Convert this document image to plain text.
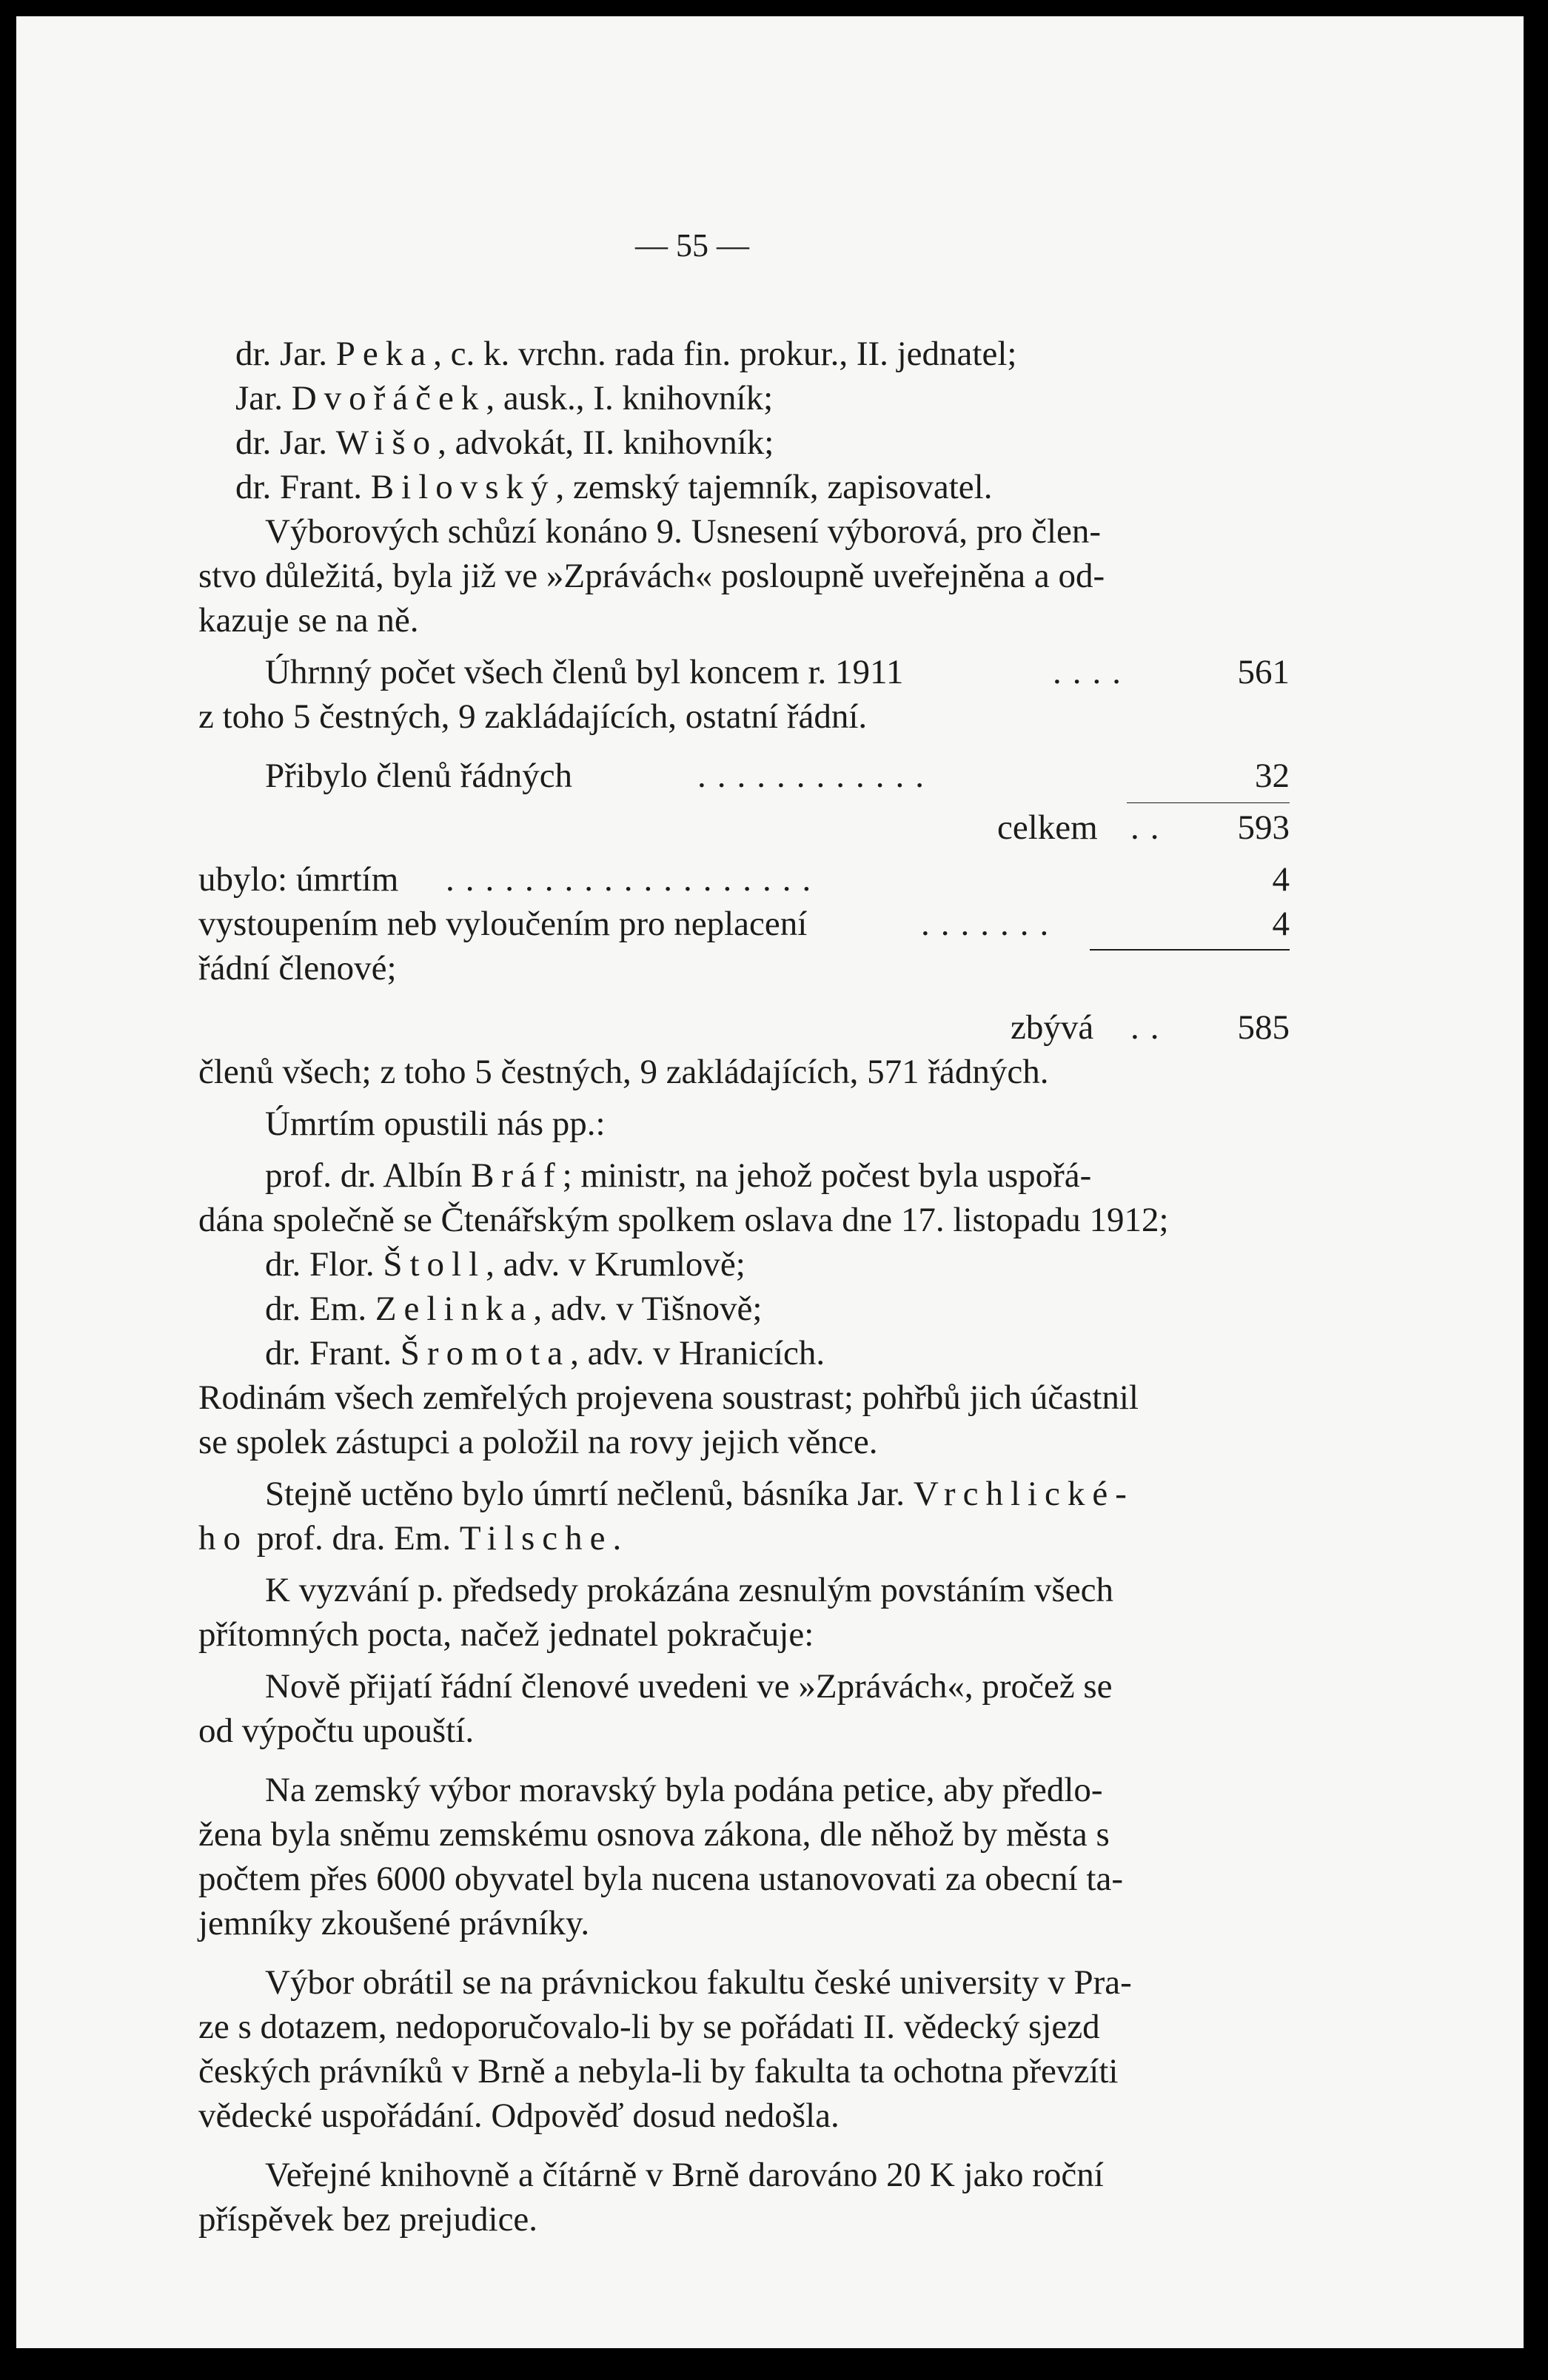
— 55 —
dr. Jar. Peka, c. k. vrchn. rada fin. prokur., II. jednatel;
Jar. Dvořáček, ausk., I. knihovník;
dr. Jar. Wišo, advokát, II. knihovník;
dr. Frant. Bilovský, zemský tajemník, zapisovatel.
Výborových schůzí konáno 9. Usnesení výborová, pro člen-
stvo důležitá, byla již ve »Zprávách« posloupně uveřejněna a od-
kazuje se na ně.
Úhrnný počet všech členů byl koncem r. 1911	....	561
z toho 5 čestných, 9 zakládajících, ostatní řádní.
Přibylo členů řádných	............	32
celkem ..	593
ubylo: úmrtím ...................	4
vystoupením neb vyloučením pro neplacení	.......	4
řádní členové;
zbývá ..	585
členů všech; z toho 5 čestných, 9 zakládajících, 571 řádných.
Úmrtím opustili nás pp.:
prof. dr. Albín Bráf; ministr, na jehož počest byla uspořá-
dána společně se Čtenářským spolkem oslava dne 17. listopadu 1912;
dr. Flor. Štoll, adv. v Krumlově;
dr. Em. Zelinka, adv. v Tišnově;
dr. Frant. Šromota, adv. v Hranicích.
Rodinám všech zemřelých projevena soustrast; pohřbů jich účastnil
se spolek zástupci a položil na rovy jejich věnce.
Stejně uctěno bylo úmrtí nečlenů, básníka Jar. Vrchlické-
ho prof. dra. Em. Tilsche.
K vyzvání p. předsedy prokázána zesnulým povstáním všech
přítomných pocta, načež jednatel pokračuje:
Nově přijatí řádní členové uvedeni ve »Zprávách«, pročež se
od výpočtu upouští.
Na zemský výbor moravský byla podána petice, aby předlo-
žena byla sněmu zemskému osnova zákona, dle něhož by města s
počtem přes 6000 obyvatel byla nucena ustanovovati za obecní ta-
jemníky zkoušené právníky.
Výbor obrátil se na právnickou fakultu české university v Pra-
ze s dotazem, nedoporučovalo-li by se pořádati II. vědecký sjezd
českých právníků v Brně a nebyla-li by fakulta ta ochotna převzíti
vědecké uspořádání. Odpověď dosud nedošla.
Veřejné knihovně a čítárně v Brně darováno 20 K jako roční
příspěvek bez prejudice.
